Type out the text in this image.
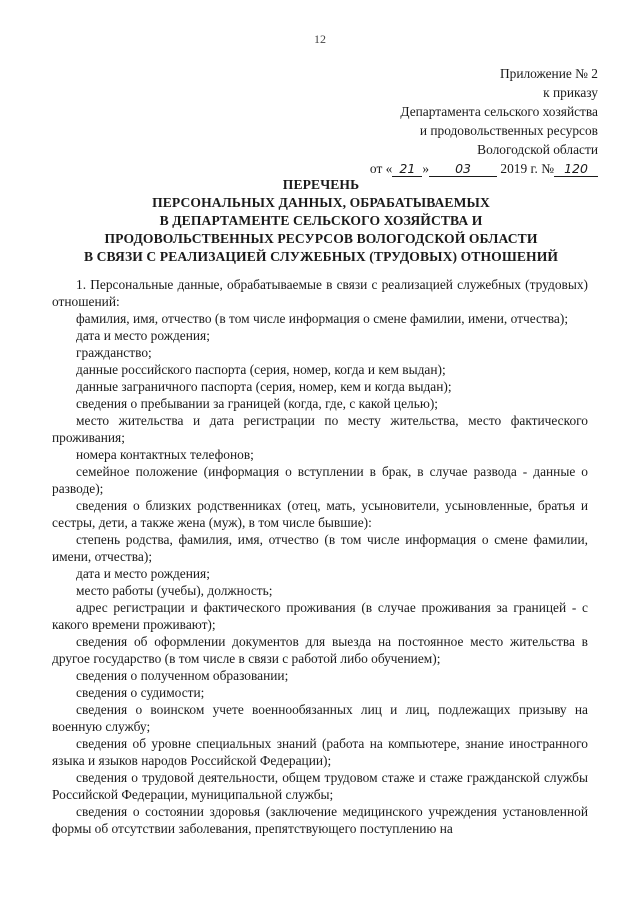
12
Приложение № 2
к приказу
Департамента сельского хозяйства
и продовольственных ресурсов
Вологодской области
от « 21 » 03 2019 г. № 120
ПЕРЕЧЕНЬ
ПЕРСОНАЛЬНЫХ ДАННЫХ, ОБРАБАТЫВАЕМЫХ
В ДЕПАРТАМЕНТЕ СЕЛЬСКОГО ХОЗЯЙСТВА И
ПРОДОВОЛЬСТВЕННЫХ РЕСУРСОВ ВОЛОГОДСКОЙ ОБЛАСТИ
В СВЯЗИ С РЕАЛИЗАЦИЕЙ СЛУЖЕБНЫХ (ТРУДОВЫХ) ОТНОШЕНИЙ

1. Персональные данные, обрабатываемые в связи с реализацией служебных (трудовых) отношений:

фамилия, имя, отчество (в том числе информация о смене фамилии, имени, отчества);

дата и место рождения;

гражданство;

данные российского паспорта (серия, номер, когда и кем выдан);

данные заграничного паспорта (серия, номер, кем и когда выдан);

сведения о пребывании за границей (когда, где, с какой целью);

место жительства и дата регистрации по месту жительства, место фактического проживания;

номера контактных телефонов;

семейное положение (информация о вступлении в брак, в случае развода - данные о разводе);

сведения о близких родственниках (отец, мать, усыновители, усыновленные, братья и сестры, дети, а также жена (муж), в том числе бывшие):

степень родства, фамилия, имя, отчество (в том числе информация о смене фамилии, имени, отчества);

дата и место рождения;

место работы (учебы), должность;

адрес регистрации и фактического проживания (в случае проживания за границей - с какого времени проживают);

сведения об оформлении документов для выезда на постоянное место жительства в другое государство (в том числе в связи с работой либо обучением);

сведения о полученном образовании;

сведения о судимости;

сведения о воинском учете военнообязанных лиц и лиц, подлежащих призыву на военную службу;

сведения об уровне специальных знаний (работа на компьютере, знание иностранного языка и языков народов Российской Федерации);

сведения о трудовой деятельности, общем трудовом стаже и стаже гражданской службы Российской Федерации, муниципальной службы;

сведения о состоянии здоровья (заключение медицинского учреждения установленной формы об отсутствии заболевания, препятствующего поступлению на
